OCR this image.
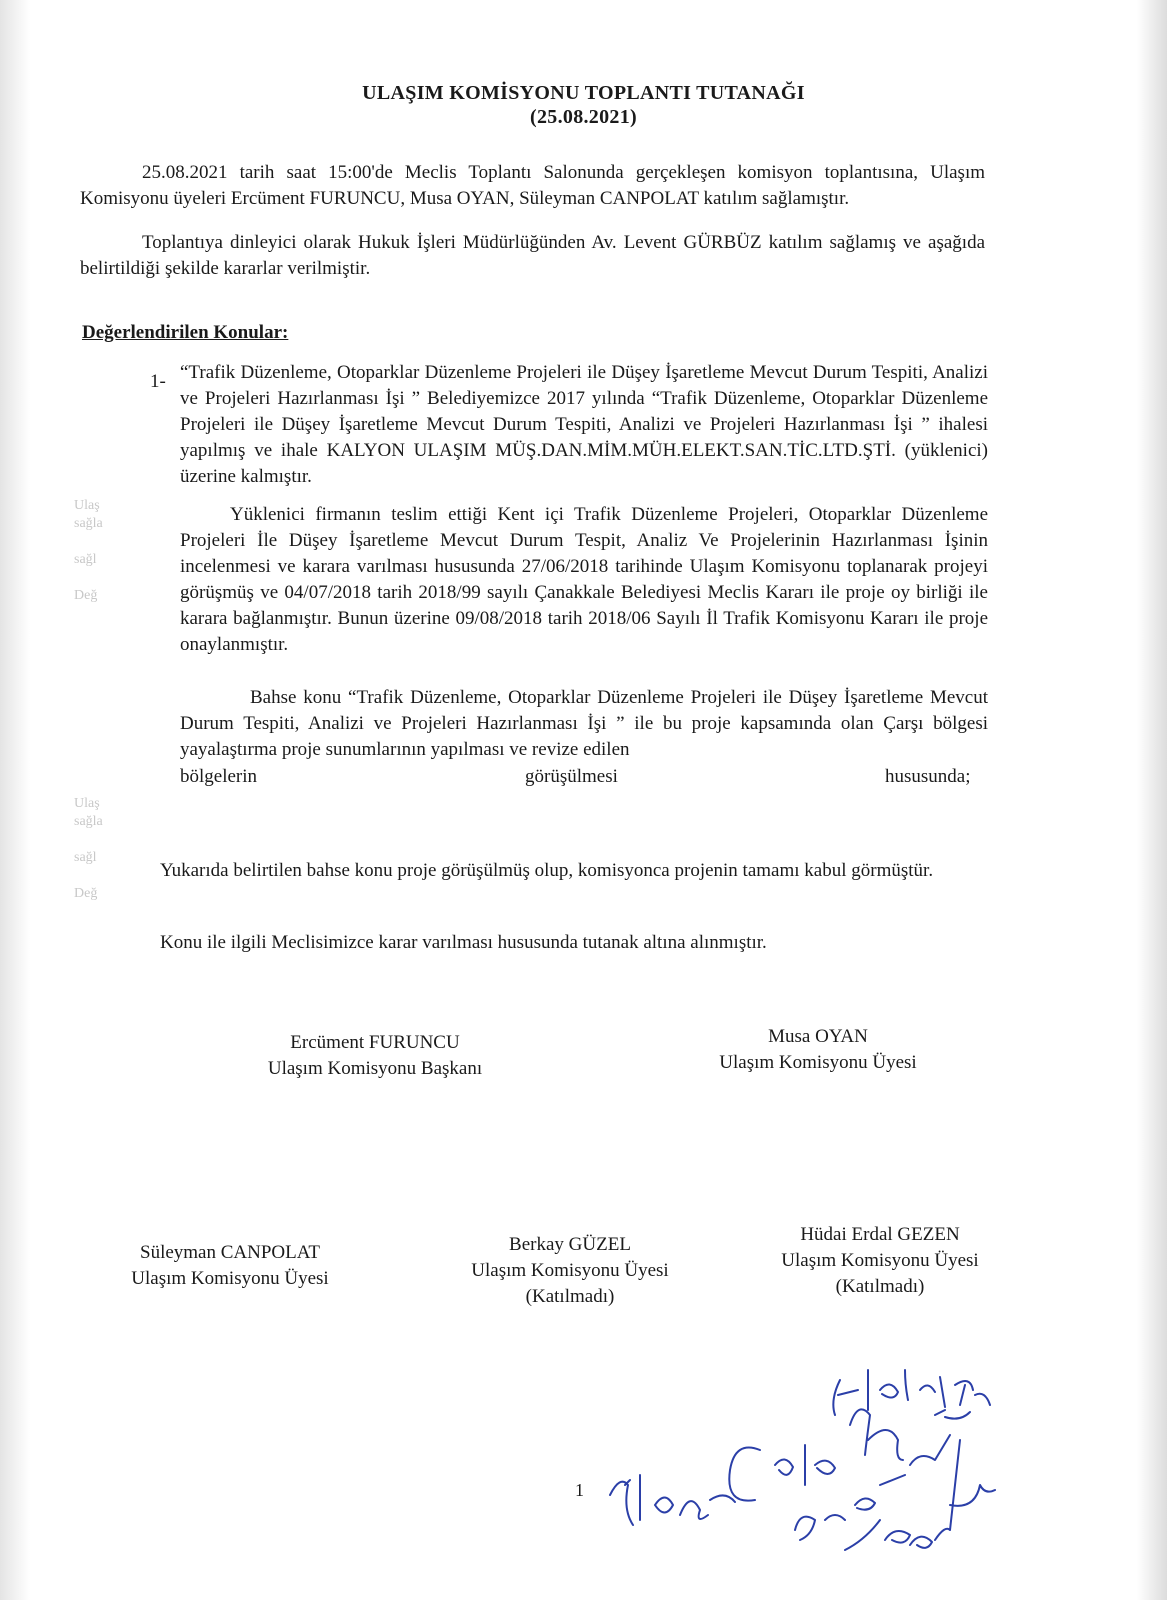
Ulaş
sağla

sağl

Değ
Ulaş
sağla

sağl

Değ
ULAŞIM KOMİSYONU TOPLANTI TUTANAĞI
(25.08.2021)

25.08.2021 tarih saat 15:00'de Meclis Toplantı Salonunda gerçekleşen komisyon toplantısına, Ulaşım Komisyonu üyeleri Ercüment FURUNCU, Musa OYAN, Süleyman CANPOLAT katılım sağlamıştır.

Toplantıya dinleyici olarak Hukuk İşleri Müdürlüğünden Av. Levent GÜRBÜZ katılım sağlamış ve aşağıda belirtildiği şekilde kararlar verilmiştir.

Değerlendirilen Konular:
1- “Trafik Düzenleme, Otoparklar Düzenleme Projeleri ile Düşey İşaretleme Mevcut Durum Tespiti, Analizi ve Projeleri Hazırlanması İşi ” Belediyemizce 2017 yılında “Trafik Düzenleme, Otoparklar Düzenleme Projeleri ile Düşey İşaretleme Mevcut Durum Tespiti, Analizi ve Projeleri Hazırlanması İşi ” ihalesi yapılmış ve ihale KALYON ULAŞIM MÜŞ.DAN.MİM.MÜH.ELEKT.SAN.TİC.LTD.ŞTİ. (yüklenici) üzerine kalmıştır.

Yüklenici firmanın teslim ettiği Kent içi Trafik Düzenleme Projeleri, Otoparklar Düzenleme Projeleri İle Düşey İşaretleme Mevcut Durum Tespit, Analiz Ve Projelerinin Hazırlanması İşinin incelenmesi ve karara varılması hususunda 27/06/2018 tarihinde Ulaşım Komisyonu toplanarak projeyi görüşmüş ve 04/07/2018 tarih 2018/99 sayılı Çanakkale Belediyesi Meclis Kararı ile proje oy birliği ile karara bağlanmıştır. Bunun üzerine 09/08/2018 tarih 2018/06 Sayılı İl Trafik Komisyonu Kararı ile proje onaylanmıştır.

Bahse konu “Trafik Düzenleme, Otoparklar Düzenleme Projeleri ile Düşey İşaretleme Mevcut Durum Tespiti, Analizi ve Projeleri Hazırlanması İşi ” ile bu proje kapsamında olan Çarşı bölgesi yayalaştırma proje sunumlarının yapılması ve revize edilen

bölgelerin	görüşülmesi	hususunda;

Yukarıda belirtilen bahse konu proje görüşülmüş olup, komisyonca projenin tamamı kabul görmüştür.

Konu ile ilgili Meclisimizce karar varılması hususunda tutanak altına alınmıştır.

Ercüment FURUNCU
Ulaşım Komisyonu Başkanı
Musa OYAN
Ulaşım Komisyonu Üyesi
Süleyman CANPOLAT
Ulaşım Komisyonu Üyesi
Berkay GÜZEL
Ulaşım Komisyonu Üyesi
(Katılmadı)
Hüdai Erdal GEZEN
Ulaşım Komisyonu Üyesi
(Katılmadı)
1
